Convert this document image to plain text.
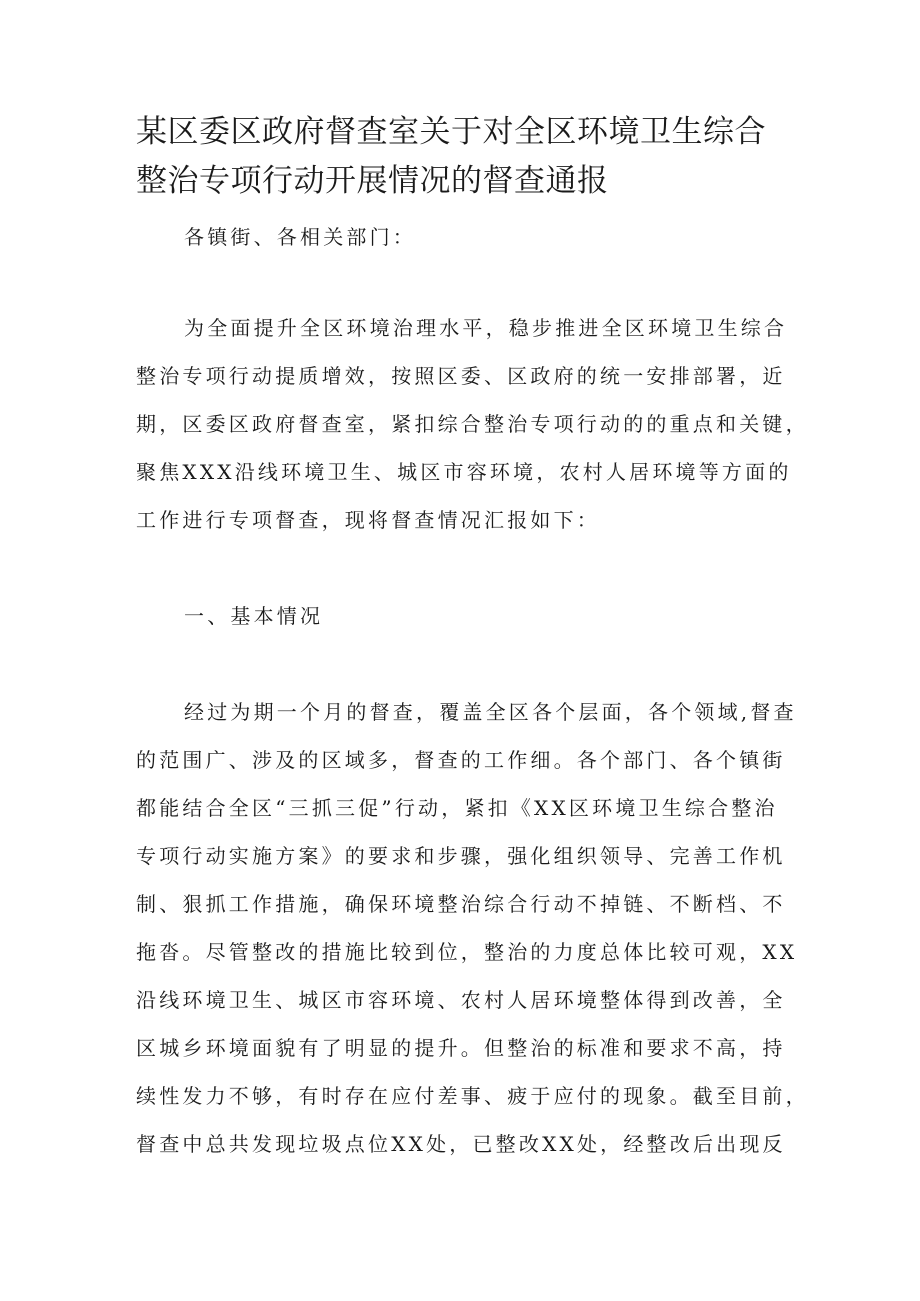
某区委区政府督查室关于对全区环境卫生综合
整治专项行动开展情况的督查通报
各镇街、各相关部门：
为全面提升全区环境治理水平，稳步推进全区环境卫生综合
整治专项行动提质增效，按照区委、区政府的统一安排部署，近
期，区委区政府督查室，紧扣综合整治专项行动的的重点和关键，
聚焦XXX沿线环境卫生、城区市容环境，农村人居环境等方面的
工作进行专项督查，现将督查情况汇报如下：
一、基本情况
经过为期一个月的督查，覆盖全区各个层面，各个领域,督查
的范围广、涉及的区域多，督查的工作细。各个部门、各个镇街
都能结合全区“三抓三促”行动，紧扣《XX区环境卫生综合整治
专项行动实施方案》的要求和步骤，强化组织领导、完善工作机
制、狠抓工作措施，确保环境整治综合行动不掉链、不断档、不
拖沓。尽管整改的措施比较到位，整治的力度总体比较可观，XX
沿线环境卫生、城区市容环境、农村人居环境整体得到改善，全
区城乡环境面貌有了明显的提升。但整治的标准和要求不高，持
续性发力不够，有时存在应付差事、疲于应付的现象。截至目前，
督查中总共发现垃圾点位XX处，已整改XX处，经整改后出现反
